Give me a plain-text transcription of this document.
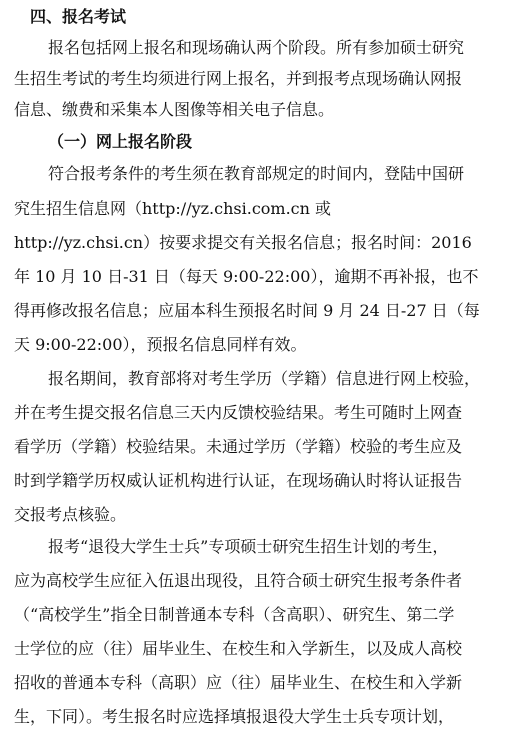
四、报名考试
报名包括网上报名和现场确认两个阶段。所有参加硕士研究
生招生考试的考生均须进行网上报名，并到报考点现场确认网报
信息、缴费和采集本人图像等相关电子信息。
（一）网上报名阶段
符合报考条件的考生须在教育部规定的时间内，登陆中国研
究生招生信息网（http://yz.chsi.com.cn 或
http://yz.chsi.cn）按要求提交有关报名信息；报名时间：2016
年 10 月 10 日-31 日（每天 9:00-22:00），逾期不再补报，也不
得再修改报名信息；应届本科生预报名时间 9 月 24 日-27 日（每
天 9:00-22:00），预报名信息同样有效。
报名期间，教育部将对考生学历（学籍）信息进行网上校验，
并在考生提交报名信息三天内反馈校验结果。考生可随时上网查
看学历（学籍）校验结果。未通过学历（学籍）校验的考生应及
时到学籍学历权威认证机构进行认证，在现场确认时将认证报告
交报考点核验。
报考“退役大学生士兵”专项硕士研究生招生计划的考生，
应为高校学生应征入伍退出现役，且符合硕士研究生报考条件者
（“高校学生”指全日制普通本专科（含高职）、研究生、第二学
士学位的应（往）届毕业生、在校生和入学新生，以及成人高校
招收的普通本专科（高职）应（往）届毕业生、在校生和入学新
生，下同）。考生报名时应选择填报退役大学生士兵专项计划，
